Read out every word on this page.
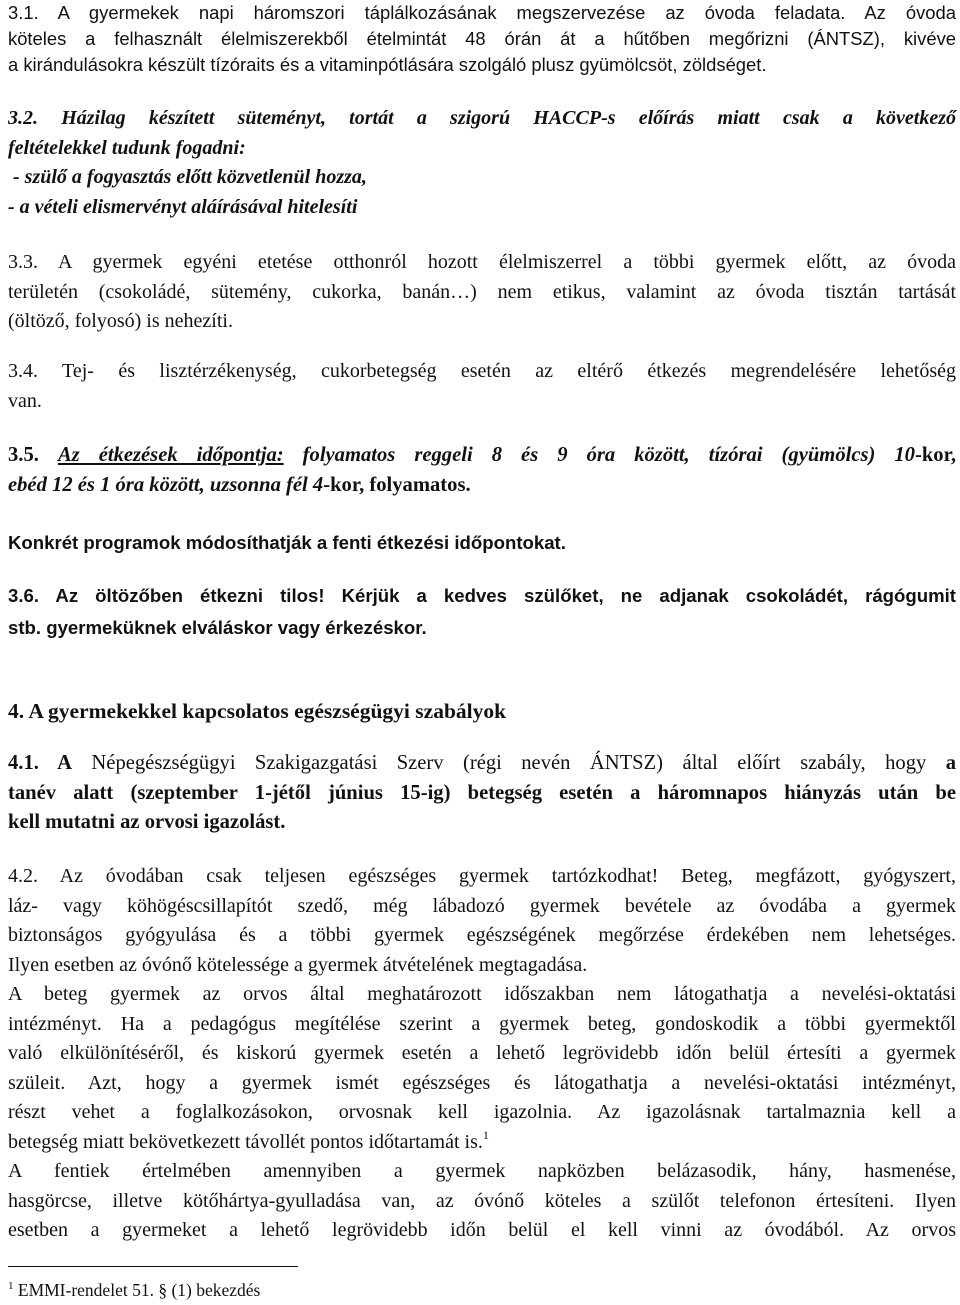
3.1. A gyermekek napi háromszori táplálkozásának megszervezése az óvoda feladata. Az óvoda
köteles a felhasznált élelmiszerekből ételmintát 48 órán át a hűtőben megőrizni (ÁNTSZ), kivéve
a kirándulásokra készült tízóraits és a vitaminpótlására szolgáló plusz gyümölcsöt, zöldséget.
3.2. Házilag készített süteményt, tortát a szigorú HACCP-s előírás miatt csak a következő
feltételekkel tudunk fogadni:
- szülő a fogyasztás előtt közvetlenül hozza,
- a vételi elismervényt aláírásával hitelesíti
3.3. A gyermek egyéni etetése otthonról hozott élelmiszerrel a többi gyermek előtt, az óvoda
területén (csokoládé, sütemény, cukorka, banán…) nem etikus, valamint az óvoda tisztán tartását
(öltöző, folyosó) is nehezíti.
3.4. Tej- és lisztérzékenység, cukorbetegség esetén az eltérő étkezés megrendelésére lehetőség
van.
3.5. Az étkezések időpontja: folyamatos reggeli 8 és 9 óra között, tízórai (gyümölcs) 10-kor,
ebéd 12 és 1 óra között, uzsonna fél 4-kor, folyamatos.
Konkrét programok módosíthatják a fenti étkezési időpontokat.
3.6. Az öltözőben étkezni tilos! Kérjük a kedves szülőket, ne adjanak csokoládét, rágógumit
stb. gyermeküknek elváláskor vagy érkezéskor.
4. A gyermekekkel kapcsolatos egészségügyi szabályok
4.1. A Népegészségügyi Szakigazgatási Szerv (régi nevén ÁNTSZ) által előírt szabály, hogy a
tanév alatt (szeptember 1-jétől június 15-ig) betegség esetén a háromnapos hiányzás után be
kell mutatni az orvosi igazolást.
4.2. Az óvodában csak teljesen egészséges gyermek tartózkodhat! Beteg, megfázott, gyógyszert,
láz- vagy köhögéscsillapítót szedő, még lábadozó gyermek bevétele az óvodába a gyermek
biztonságos gyógyulása és a többi gyermek egészségének megőrzése érdekében nem lehetséges.
Ilyen esetben az óvónő kötelessége a gyermek átvételének megtagadása.
A beteg gyermek az orvos által meghatározott időszakban nem látogathatja a nevelési-oktatási
intézményt. Ha a pedagógus megítélése szerint a gyermek beteg, gondoskodik a többi gyermektől
való elkülönítéséről, és kiskorú gyermek esetén a lehető legrövidebb időn belül értesíti a gyermek
szüleit. Azt, hogy a gyermek ismét egészséges és látogathatja a nevelési-oktatási intézményt,
részt vehet a foglalkozásokon, orvosnak kell igazolnia. Az igazolásnak tartalmaznia kell a
betegség miatt bekövetkezett távollét pontos időtartamát is.$^1$
A fentiek értelmében amennyiben a gyermek napközben belázasodik, hány, hasmenése,
hasgörcse, illetve kötőhártya-gyulladása van, az óvónő köteles a szülőt telefonon értesíteni. Ilyen
esetben a gyermeket a lehető legrövidebb időn belül el kell vinni az óvodából. Az orvos
$^1$ EMMI-rendelet 51. § (1) bekezdés
